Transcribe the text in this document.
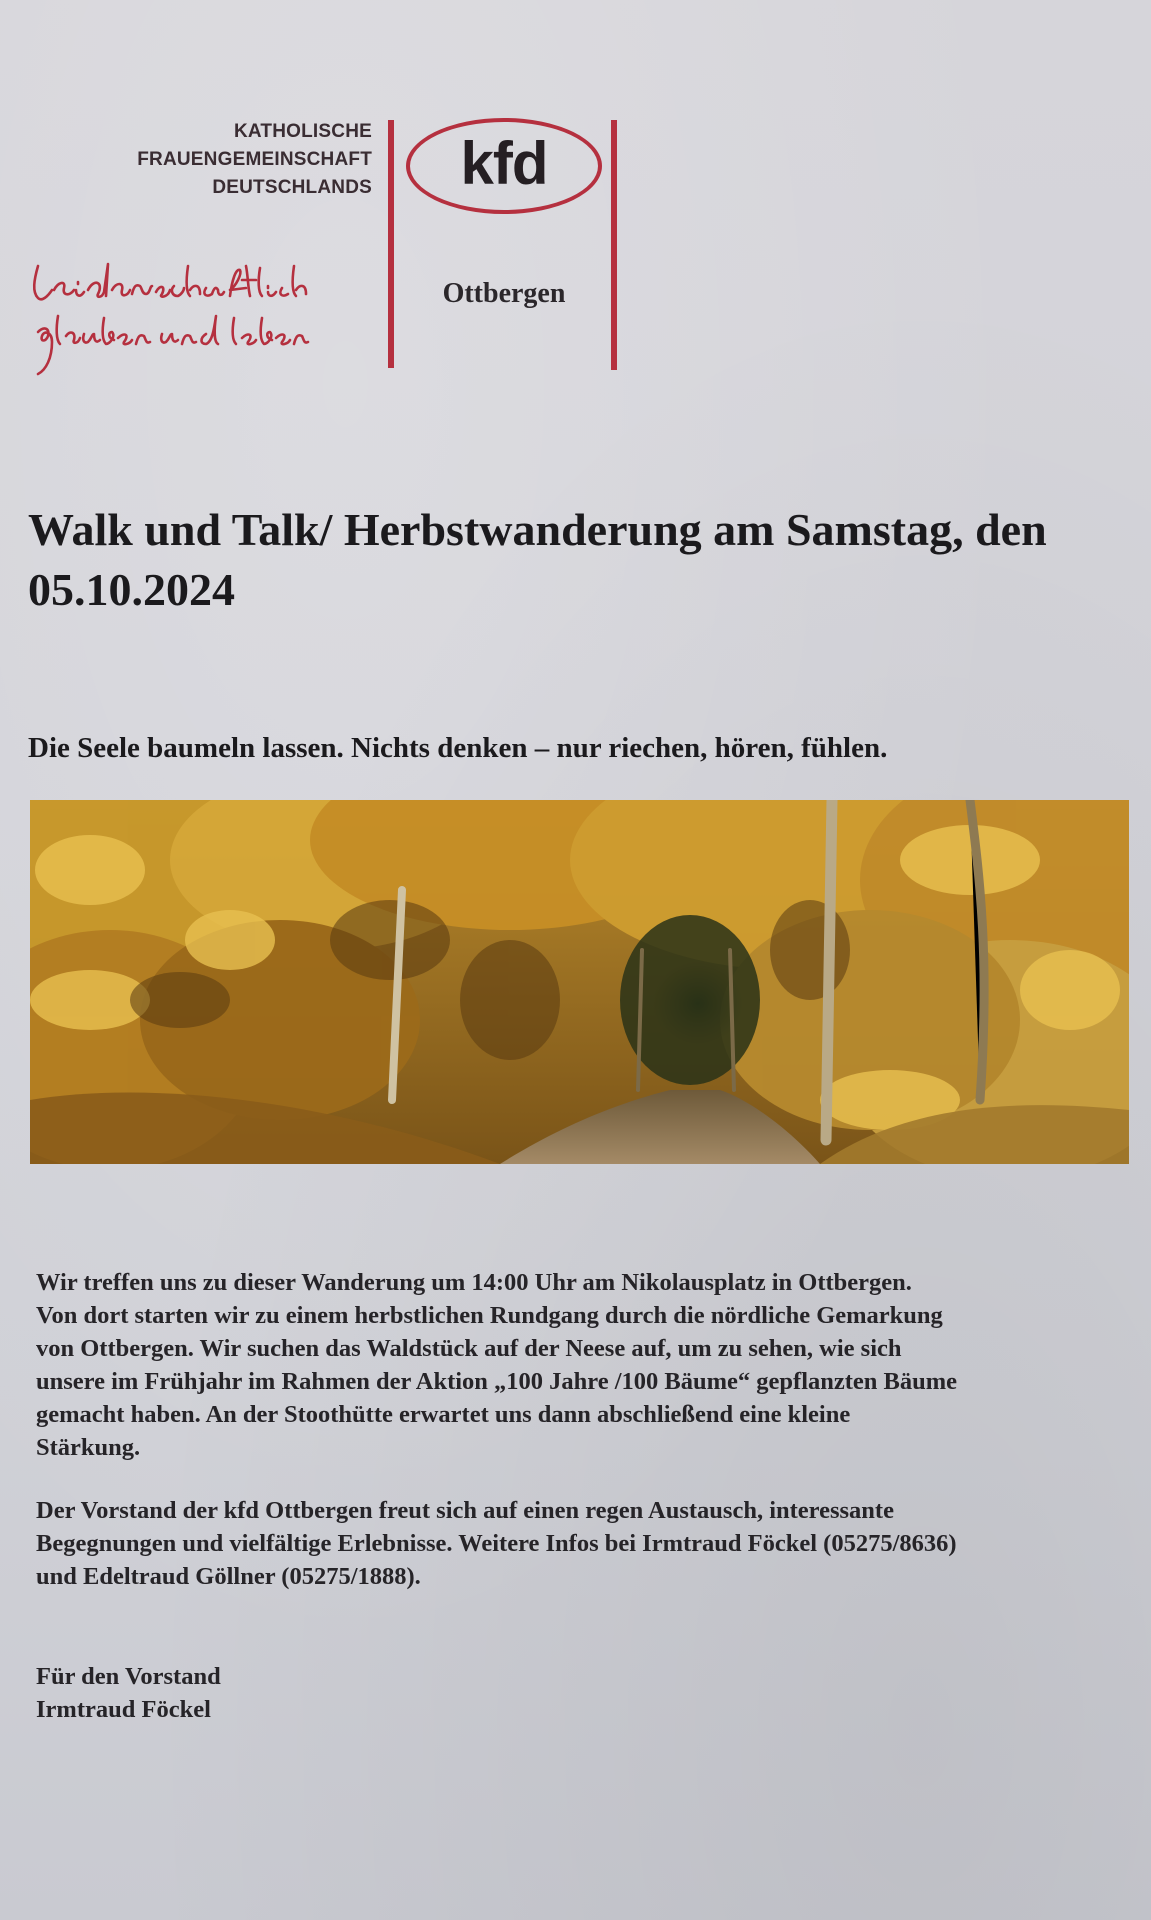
KATHOLISCHE
FRAUENGEMEINSCHAFT
DEUTSCHLANDS kfd
Ottbergen
Walk und Talk/ Herbstwanderung am Samstag, den 05.10.2024

Die Seele baumeln lassen. Nichts denken – nur riechen, hören, fühlen.

Wir treffen uns zu dieser Wanderung um 14:00 Uhr am Nikolausplatz in Ottbergen.
Von dort starten wir zu einem herbstlichen Rundgang durch die nördliche Gemarkung
von Ottbergen. Wir suchen das Waldstück auf der Neese auf, um zu sehen, wie sich
unsere im Frühjahr im Rahmen der Aktion „100 Jahre /100 Bäume“ gepflanzten Bäume
gemacht haben. An der Stoothütte erwartet uns dann abschließend eine kleine
Stärkung.

Der Vorstand der kfd Ottbergen freut sich auf einen regen Austausch, interessante
Begegnungen und vielfältige Erlebnisse. Weitere Infos bei Irmtraud Föckel (05275/8636)
und Edeltraud Göllner (05275/1888).

Für den Vorstand
Irmtraud Föckel
